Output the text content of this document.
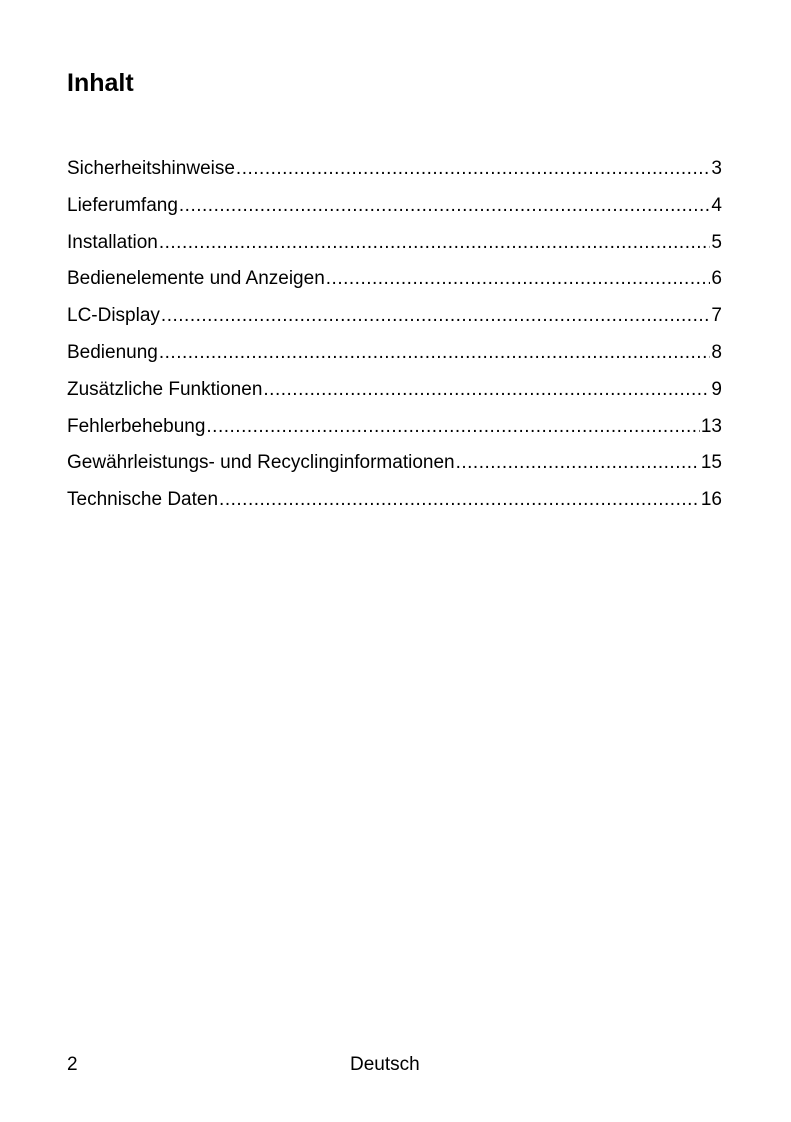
Inhalt
Sicherheitshinweise .....	3
Lieferumfang .....	4
Installation .....	5
Bedienelemente und Anzeigen .....	6
LC-Display .....	7
Bedienung .....	8
Zusätzliche Funktionen .....	9
Fehlerbehebung .....	13
Gewährleistungs- und Recyclinginformationen .....	15
Technische Daten .....	16
2	Deutsch
